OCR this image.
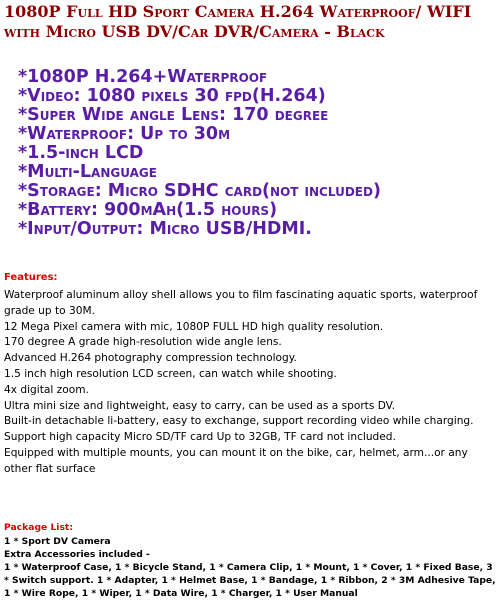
1080P Full HD Sport Camera H.264 Waterproof/ WIFI with Micro USB DV/Car DVR/Camera - Black

*1080P H.264+Waterproof

*Video: 1080 pixels 30 fpd(H.264)

*Super Wide angle Lens: 170 degree

*Waterproof: Up to 30m

*1.5-inch LCD

*Multi-Language

*Storage: Micro SDHC card(not included)

*Battery: 900mAh(1.5 hours)

*Input/Output: Micro USB/HDMI.

Features:

Waterproof aluminum alloy shell allows you to film fascinating aquatic sports, waterproof grade up to 30M.

12 Mega Pixel camera with mic, 1080P FULL HD high quality resolution.

170 degree A grade high-resolution wide angle lens.

Advanced H.264 photography compression technology.

1.5 inch high resolution LCD screen, can watch while shooting.

4x digital zoom.

Ultra mini size and lightweight, easy to carry, can be used as a sports DV.

Built-in detachable li-battery, easy to exchange, support recording video while charging.

Support high capacity Micro SD/TF card Up to 32GB, TF card not included.

Equipped with multiple mounts, you can mount it on the bike, car, helmet, arm...or any other flat surface

Package List:

1 * Sport DV Camera

Extra Accessories included -

1 * Waterproof Case, 1 * Bicycle Stand, 1 * Camera Clip, 1 * Mount, 1 * Cover, 1 * Fixed Base, 3 * Switch support. 1 * Adapter, 1 * Helmet Base, 1 * Bandage, 1 * Ribbon, 2 * 3M Adhesive Tape, 1 * Wire Rope, 1 * Wiper, 1 * Data Wire, 1 * Charger, 1 * User Manual
